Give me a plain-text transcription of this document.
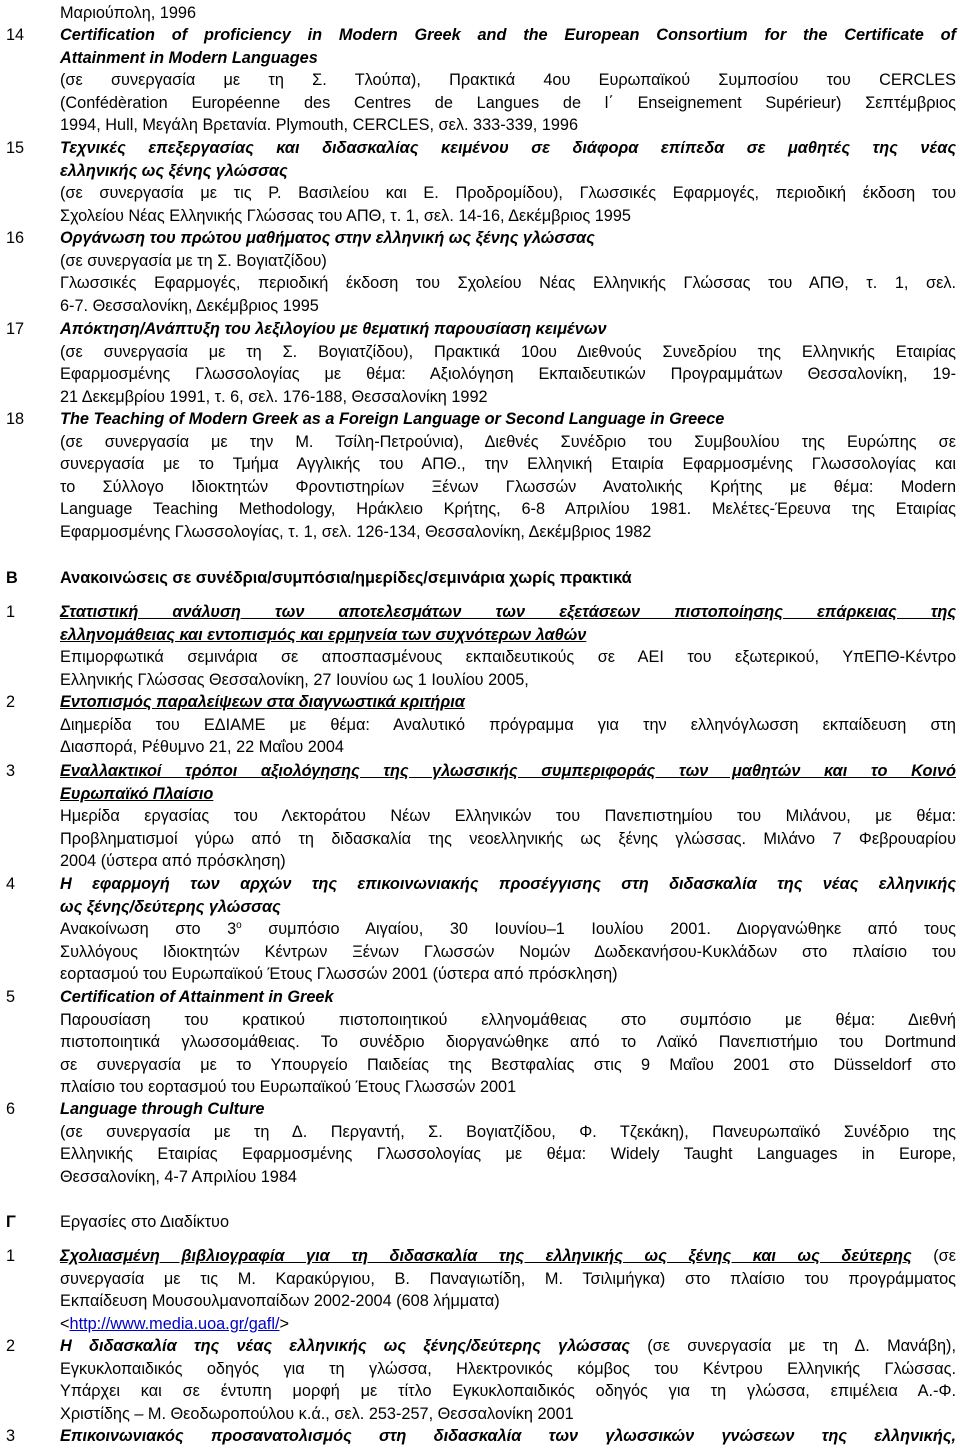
Μαριούπολη, 1996
14 Certification of proficiency in Modern Greek and the European Consortium for the Certificate of
Attainment in Modern Languages
(σε συνεργασία με τη Σ. Τλούπα), Πρακτικά 4ου Ευρωπαϊκού Συμποσίου του CERCLES
(Confédèration Européenne des Centres de Langues de l΄ Enseignement Supérieur) Σεπτέμβριος
1994, Hull, Μεγάλη Βρετανία. Plymouth, CERCLES, σελ. 333-339, 1996
15 Τεχνικές επεξεργασίας και διδασκαλίας κειμένου σε διάφορα επίπεδα σε μαθητές της νέας
ελληνικής ως ξένης γλώσσας
(σε συνεργασία με τις Ρ. Βασιλείου και Ε. Προδρομίδου), Γλωσσικές Εφαρμογές, περιοδική έκδοση του
Σχολείου Νέας Ελληνικής Γλώσσας του ΑΠΘ, τ. 1, σελ. 14-16, Δεκέμβριος 1995
16 Οργάνωση του πρώτου μαθήματος στην ελληνική ως ξένης γλώσσας
(σε συνεργασία με τη Σ. Βογιατζίδου)
Γλωσσικές Εφαρμογές, περιοδική έκδοση του Σχολείου Νέας Ελληνικής Γλώσσας του ΑΠΘ, τ. 1, σελ.
6-7. Θεσσαλονίκη, Δεκέμβριος 1995
17 Απόκτηση/Ανάπτυξη του λεξιλογίου με θεματική παρουσίαση κειμένων
(σε συνεργασία με τη Σ. Βογιατζίδου), Πρακτικά 10ου Διεθνούς Συνεδρίου της Ελληνικής Εταιρίας
Εφαρμοσμένης Γλωσσολογίας με θέμα: Αξιολόγηση Εκπαιδευτικών Προγραμμάτων Θεσσαλονίκη, 19-
21 Δεκεμβρίου 1991, τ. 6, σελ. 176-188, Θεσσαλονίκη 1992
18 The Teaching of Modern Greek as a Foreign Language or Second Language in Greece
(σε συνεργασία με την Μ. Τσίλη-Πετρούνια), Διεθνές Συνέδριο του Συμβουλίου της Ευρώπης σε
συνεργασία με το Τμήμα Αγγλικής του ΑΠΘ., την Ελληνική Εταιρία Εφαρμοσμένης Γλωσσολογίας και
το Σύλλογο Ιδιοκτητών Φροντιστηρίων Ξένων Γλωσσών Ανατολικής Κρήτης με θέμα: Modern
Language Teaching Methodology, Ηράκλειο Κρήτης, 6-8 Απριλίου 1981. Μελέτες-Έρευνα της Εταιρίας
Εφαρμοσμένης Γλωσσολογίας, τ. 1, σελ. 126-134, Θεσσαλονίκη, Δεκέμβριος 1982
Β	Ανακοινώσεις σε συνέδρια/συμπόσια/ημερίδες/σεμινάρια χωρίς πρακτικά
1	Στατιστική ανάλυση των αποτελεσμάτων των εξετάσεων πιστοποίησης επάρκειας της
ελληνομάθειας και εντοπισμός και ερμηνεία των συχνότερων λαθών
Επιμορφωτικά σεμινάρια σε αποσπασμένους εκπαιδευτικούς σε ΑΕΙ του εξωτερικού, ΥπΕΠΘ-Κέντρο
Ελληνικής Γλώσσας Θεσσαλονίκη, 27 Ιουνίου ως 1 Ιουλίου 2005,
2	Εντοπισμός παραλείψεων στα διαγνωστικά κριτήρια
Διημερίδα του ΕΔΙΑΜΕ με θέμα: Αναλυτικό πρόγραμμα για την ελληνόγλωσση εκπαίδευση στη
Διασπορά, Ρέθυμνο 21, 22 Μαΐου 2004
3	Εναλλακτικοί τρόποι αξιολόγησης της γλωσσικής συμπεριφοράς των μαθητών και το Κοινό
Ευρωπαϊκό Πλαίσιο
Ημερίδα εργασίας του Λεκτοράτου Νέων Ελληνικών του Πανεπιστημίου του Μιλάνου, με θέμα:
Προβληματισμοί γύρω από τη διδασκαλία της νεοελληνικής ως ξένης γλώσσας. Μιλάνο 7 Φεβρουαρίου
2004 (ύστερα από πρόσκληση)
4	Η εφαρμογή των αρχών της επικοινωνιακής προσέγγισης στη διδασκαλία της νέας ελληνικής
ως ξένης/δεύτερης γλώσσας
Ανακοίνωση στο $3^o$ συμπόσιο Αιγαίου, 30 Ιουνίου–1 Ιουλίου 2001. Διοργανώθηκε από τους
Συλλόγους Ιδιοκτητών Κέντρων Ξένων Γλωσσών Νομών Δωδεκανήσου-Κυκλάδων στο πλαίσιο του
εορτασμού του Ευρωπαϊκού Έτους Γλωσσών 2001 (ύστερα από πρόσκληση)
5	Certification of Attainment in Greek
Παρουσίαση του κρατικού πιστοποιητικού ελληνομάθειας στο συμπόσιο με θέμα: Διεθνή
πιστοποιητικά γλωσσομάθειας. Το συνέδριο διοργανώθηκε από το Λαϊκό Πανεπιστήμιο του Dortmund
σε συνεργασία με το Υπουργείο Παιδείας της Βεστφαλίας στις 9 Μαΐου 2001 στο Düsseldorf στο
πλαίσιο του εορτασμού του Ευρωπαϊκού Έτους Γλωσσών 2001
6	Language through Culture
(σε συνεργασία με τη Δ. Περγαντή, Σ. Βογιατζίδου, Φ. Τζεκάκη), Πανευρωπαϊκό Συνέδριο της
Ελληνικής Εταιρίας Εφαρμοσμένης Γλωσσολογίας με θέμα: Widely Taught Languages in Europe,
Θεσσαλονίκη, 4-7 Απριλίου 1984
Γ	Εργασίες στο Διαδίκτυο
1	Σχολιασμένη βιβλιογραφία για τη διδασκαλία της ελληνικής ως ξένης και ως δεύτερης (σε
συνεργασία με τις Μ. Καρακύργιου, Β. Παναγιωτίδη, Μ. Τσιλιμήγκα) στο πλαίσιο του προγράμματος
Εκπαίδευση Μουσουλμανοπαίδων 2002-2004 (608 λήμματα)
<http://www.media.uoa.gr/gafl/>
2	Η διδασκαλία της νέας ελληνικής ως ξένης/δεύτερης γλώσσας (σε συνεργασία με τη Δ. Μανάβη),
Εγκυκλοπαιδικός οδηγός για τη γλώσσα, Ηλεκτρονικός κόμβος του Κέντρου Ελληνικής Γλώσσας.
Υπάρχει και σε έντυπη μορφή με τίτλο Εγκυκλοπαιδικός οδηγός για τη γλώσσα, επιμέλεια Α.-Φ.
Χριστίδης – Μ. Θεοδωροπούλου κ.ά., σελ. 253-257, Θεσσαλονίκη 2001
3	Επικοινωνιακός προσανατολισμός στη διδασκαλία των γλωσσικών γνώσεων της ελληνικής,
